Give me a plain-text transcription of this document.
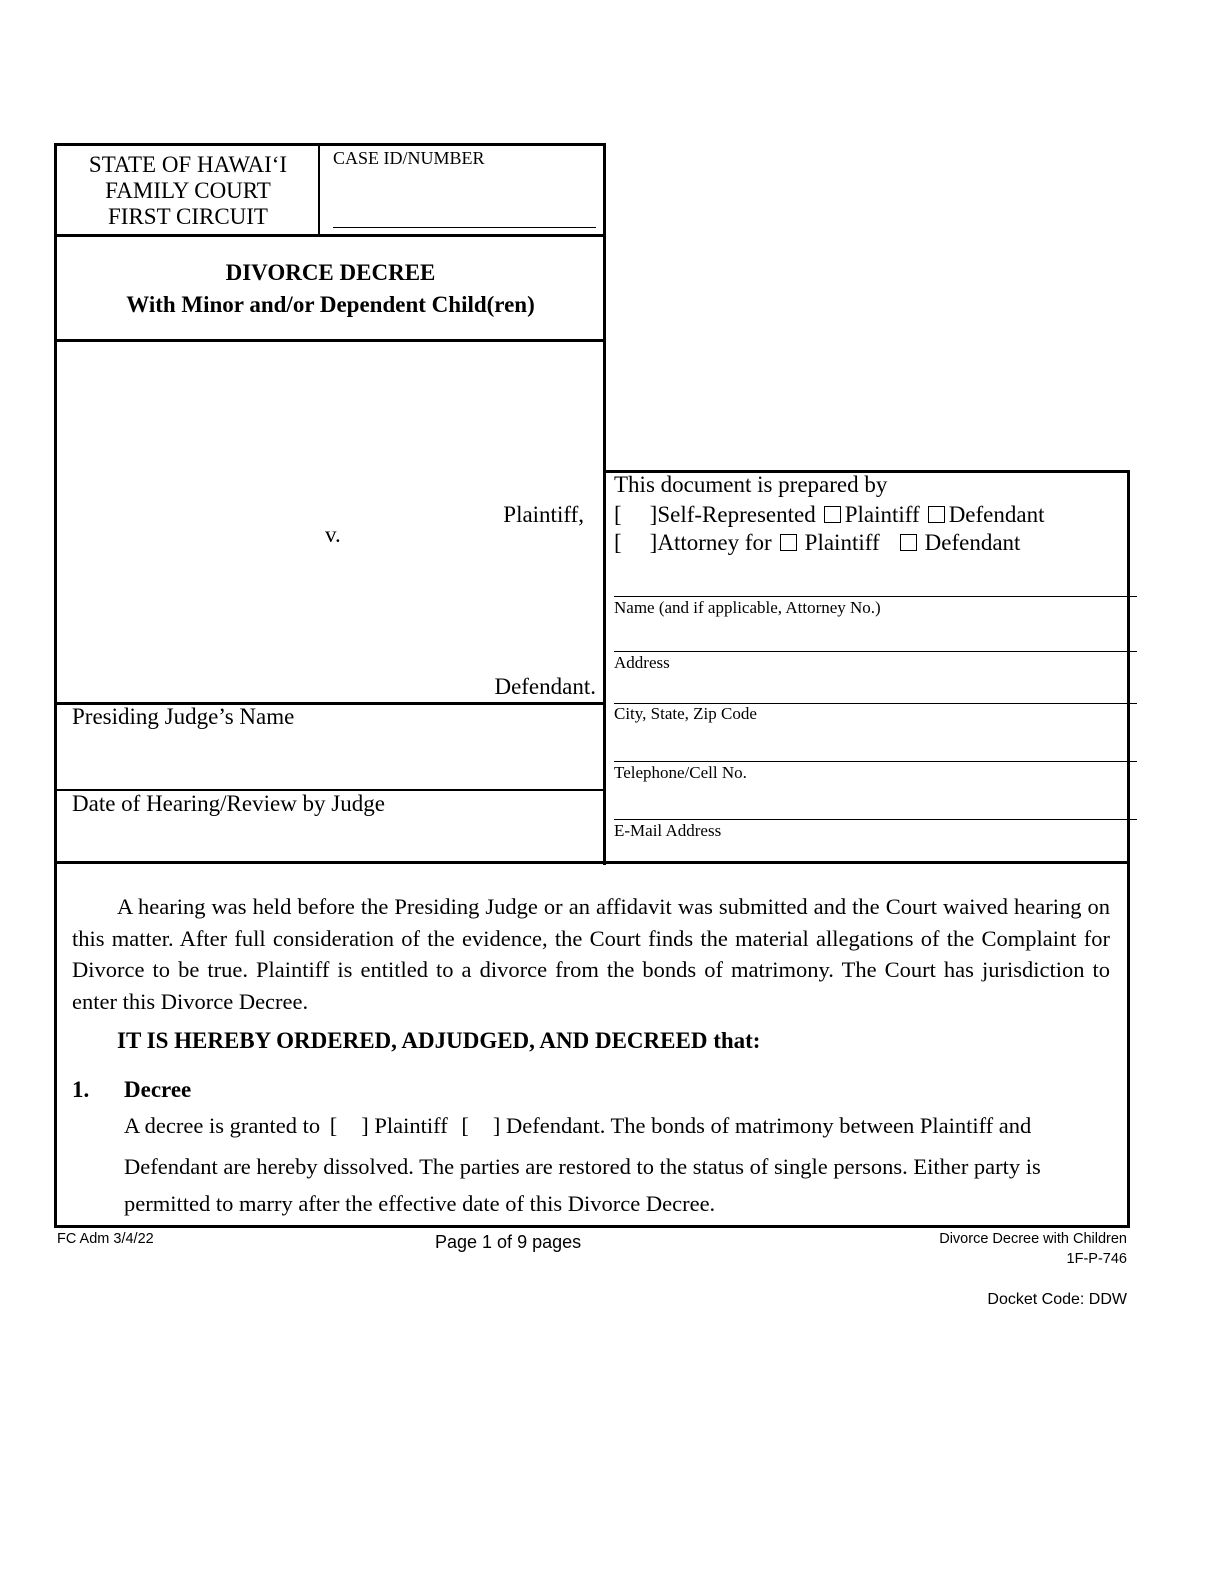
STATE OF HAWAI‘I
FAMILY COURT
FIRST CIRCUIT
CASE ID/NUMBER
DIVORCE DECREE
With Minor and/or Dependent Child(ren)
Plaintiff,
v.
Defendant.
Presiding Judge’s Name
Date of Hearing/Review by Judge
This document is prepared by
[ ]Self-Represented Plaintiff Defendant
[ ]Attorney for Plaintiff Defendant
Name (and if applicable, Attorney No.)
Address
City, State, Zip Code
Telephone/Cell No.
E-Mail Address
A hearing was held before the Presiding Judge or an affidavit was submitted and the Court waived hearing on this matter. After full consideration of the evidence, the Court finds the material allegations of the Complaint for Divorce to be true. Plaintiff is entitled to a divorce from the bonds of matrimony. The Court has jurisdiction to enter this Divorce Decree.
IT IS HEREBY ORDERED, ADJUDGED, AND DECREED that:
1. Decree
A decree is granted to [ ] Plaintiff [ ] Defendant. The bonds of matrimony between Plaintiff and
Defendant are hereby dissolved. The parties are restored to the status of single persons. Either party is permitted to marry after the effective date of this Divorce Decree.
FC Adm 3/4/22	Page 1 of 9 pages	Divorce Decree with Children
1F-P-746
Docket Code: DDW
